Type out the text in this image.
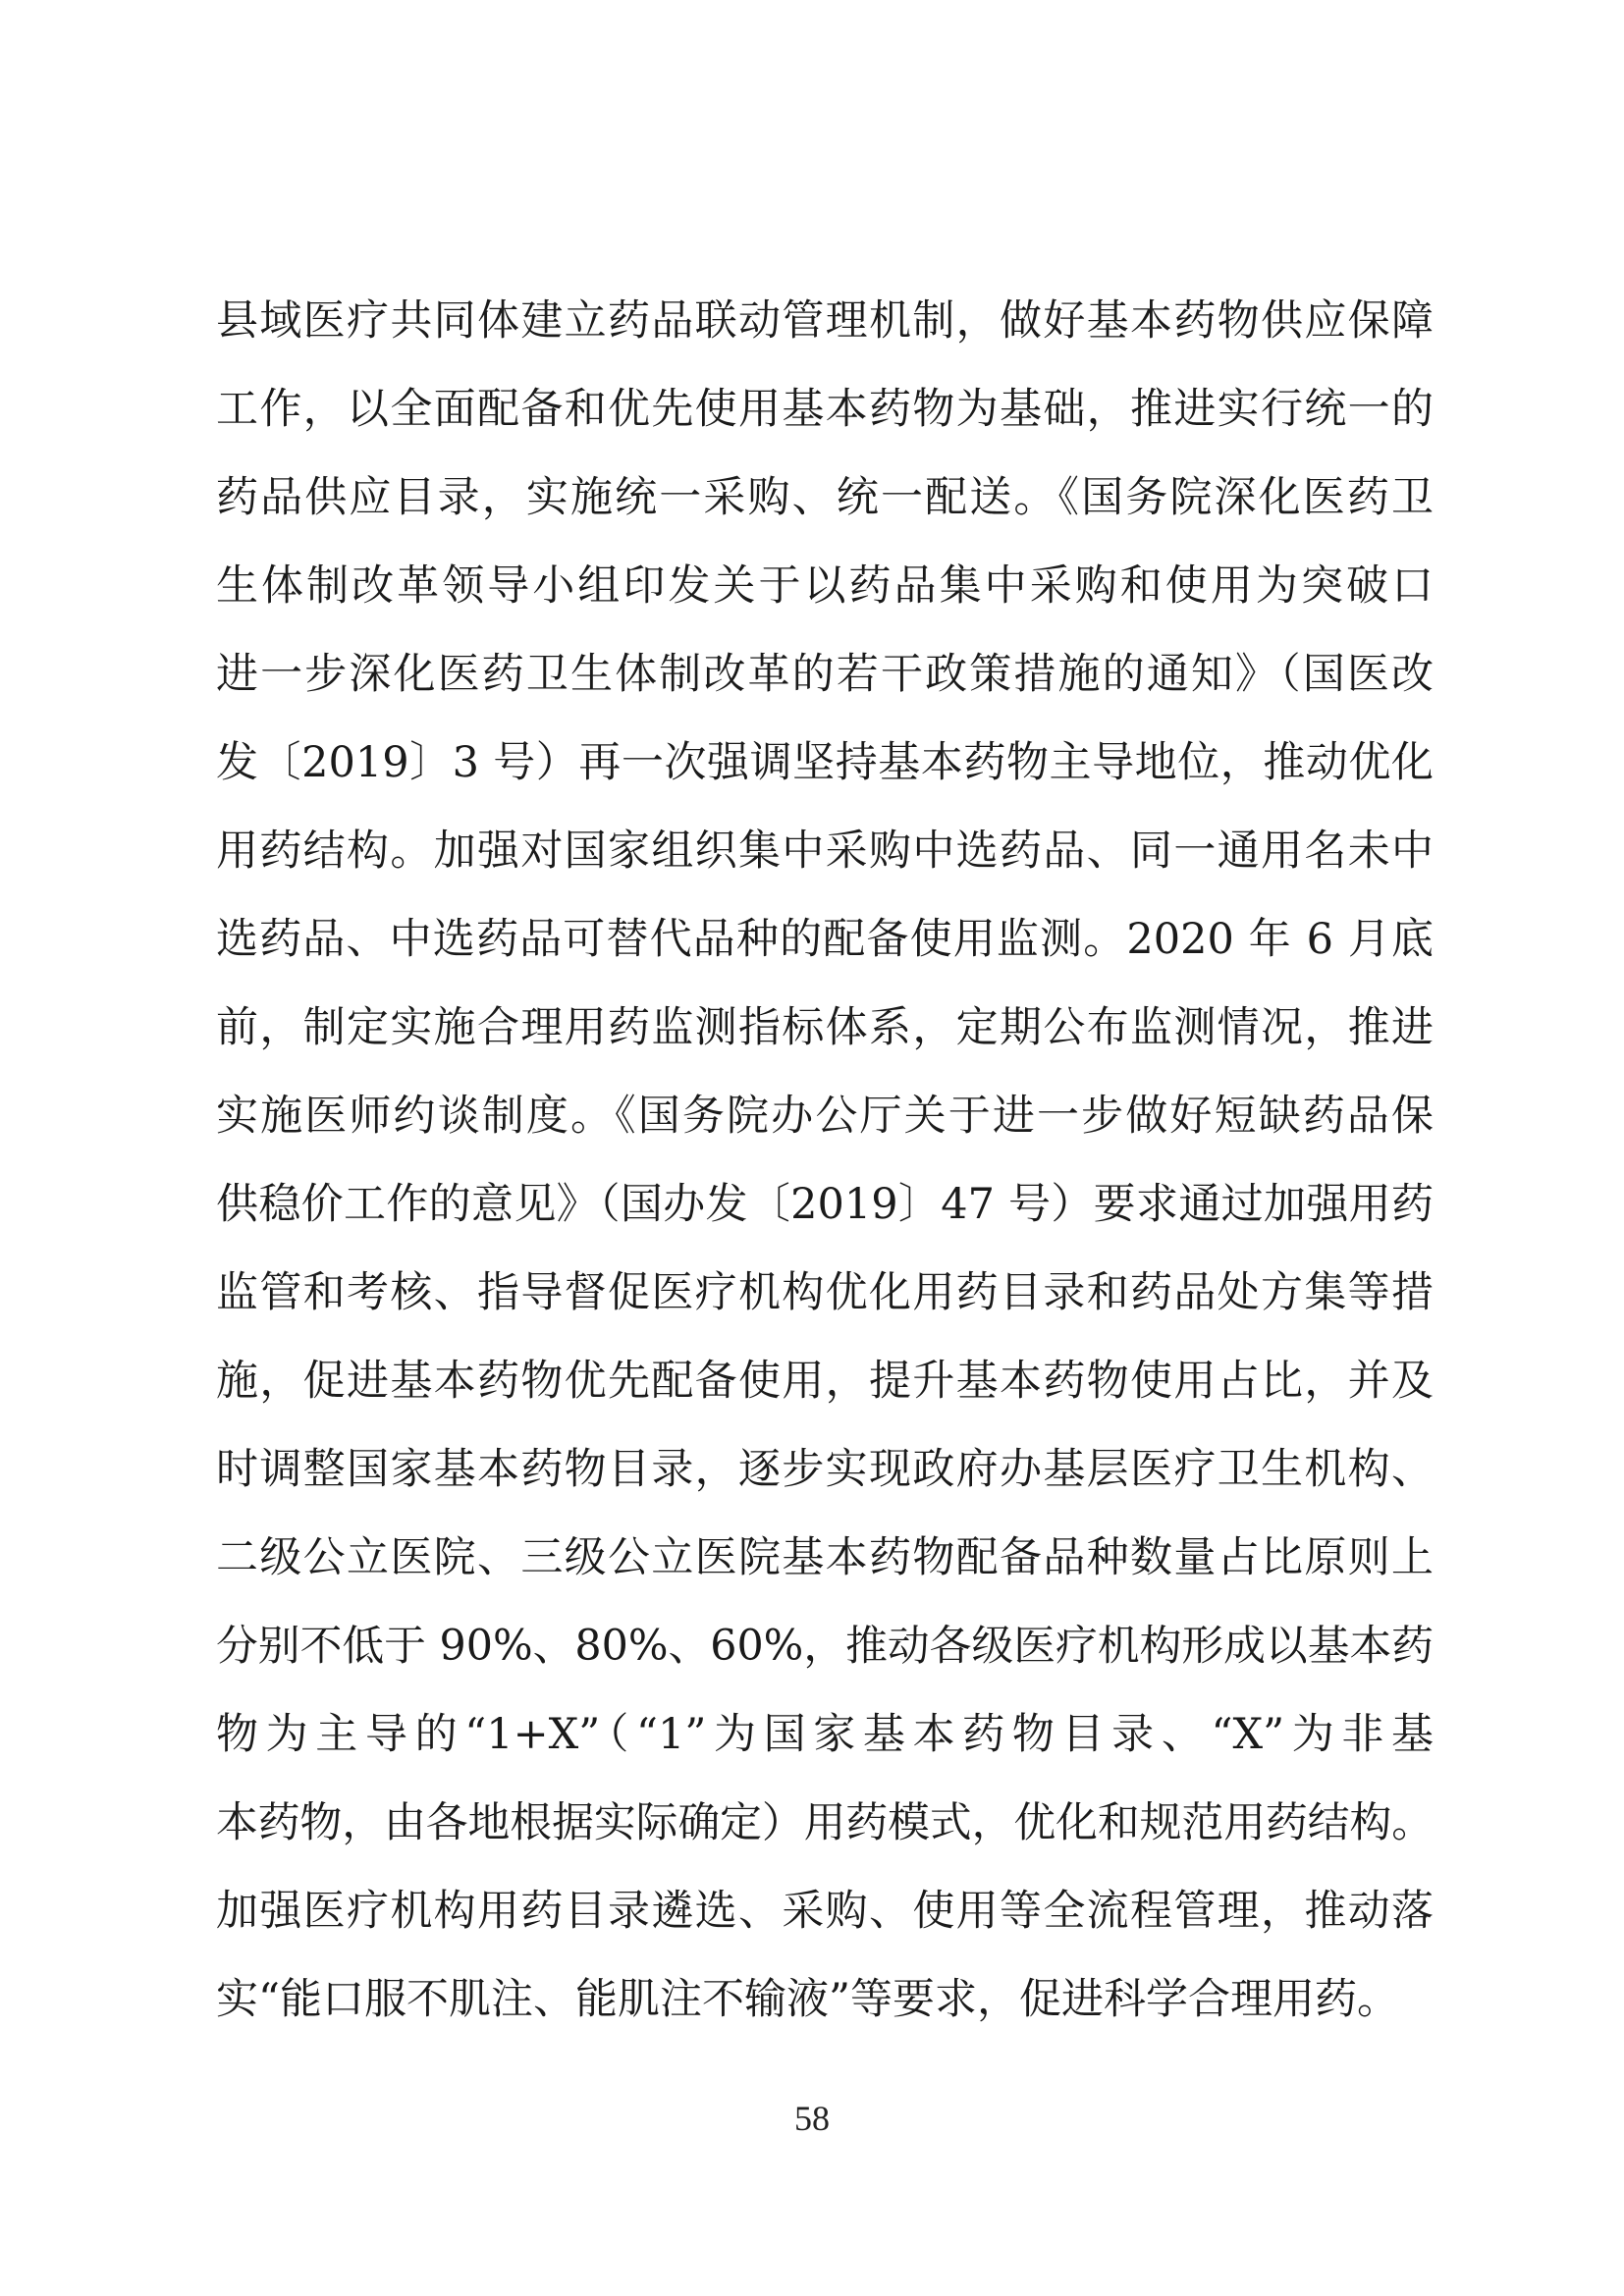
县域医疗共同体建立药品联动管理机制，做好基本药物供应保障
工作，以全面配备和优先使用基本药物为基础，推进实行统一的
药品供应目录，实施统一采购、统一配送。《国务院深化医药卫
生体制改革领导小组印发关于以药品集中采购和使用为突破口
进一步深化医药卫生体制改革的若干政策措施的通知》（国医改
发〔2019〕3 号）再一次强调坚持基本药物主导地位，推动优化
用药结构。加强对国家组织集中采购中选药品、同一通用名未中
选药品、中选药品可替代品种的配备使用监测。2020 年 6 月底
前，制定实施合理用药监测指标体系，定期公布监测情况，推进
实施医师约谈制度。《国务院办公厅关于进一步做好短缺药品保
供稳价工作的意见》（国办发〔2019〕47 号）要求通过加强用药
监管和考核、指导督促医疗机构优化用药目录和药品处方集等措
施，促进基本药物优先配备使用，提升基本药物使用占比，并及
时调整国家基本药物目录，逐步实现政府办基层医疗卫生机构、
二级公立医院、三级公立医院基本药物配备品种数量占比原则上
分别不低于 90%、80%、60%，推动各级医疗机构形成以基本药
物为主导的“1+X”（“1”为国家基本药物目录、“X”为非基
本药物，由各地根据实际确定）用药模式，优化和规范用药结构。
加强医疗机构用药目录遴选、采购、使用等全流程管理，推动落
实“能口服不肌注、能肌注不输液”等要求，促进科学合理用药。
58
